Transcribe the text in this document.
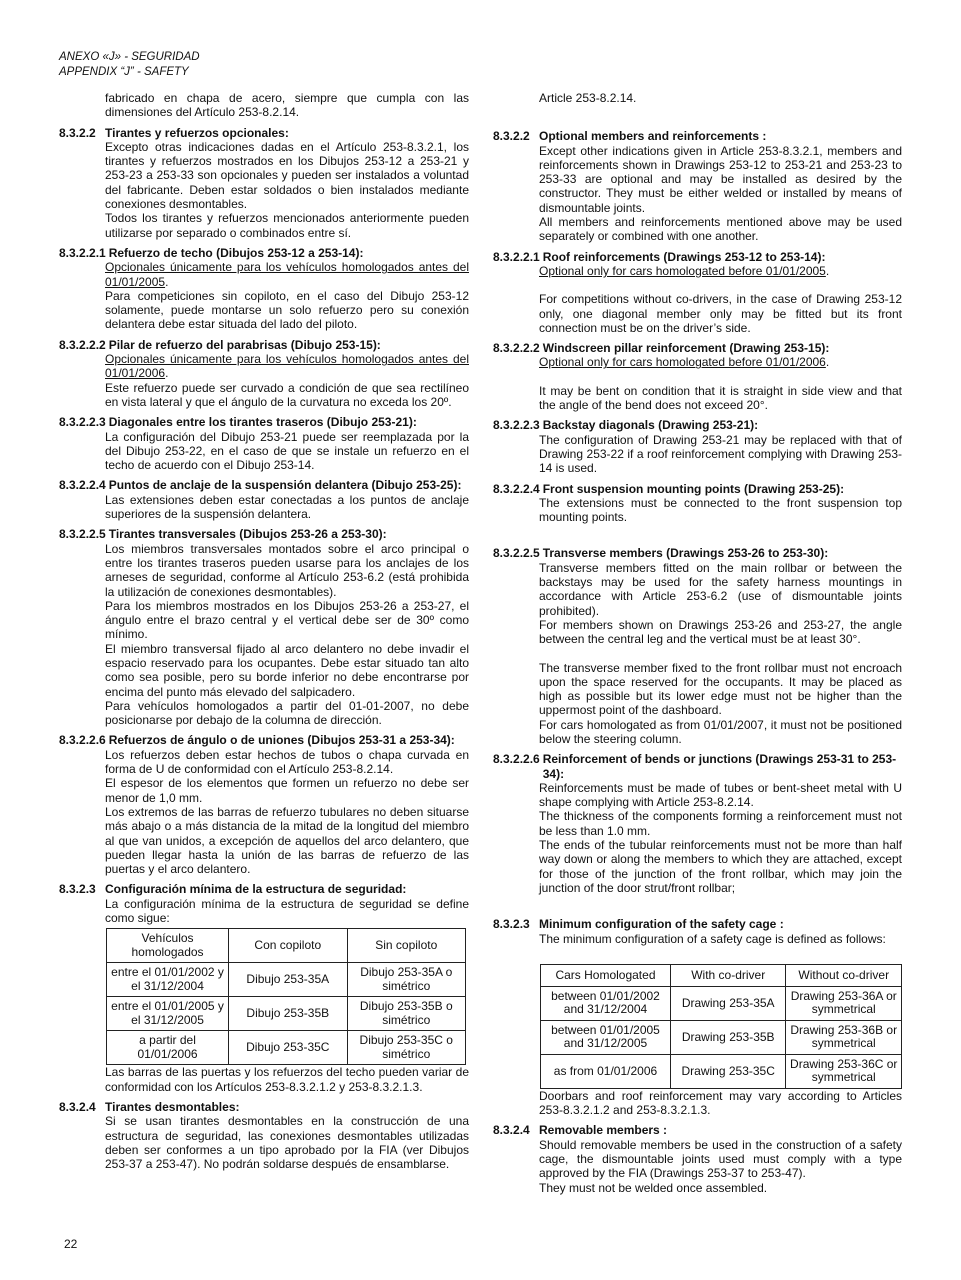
ANEXO «J» - SEGURIDAD
APPENDIX “J” - SAFETY
fabricado en chapa de acero, siempre que cumpla con las dimensiones del Artículo 253-8.2.14.
8.3.2.2 Tirantes y refuerzos opcionales:

Excepto otras indicaciones dadas en el Artículo 253-8.3.2.1, los tirantes y refuerzos mostrados en los Dibujos 253-12 a 253-21 y 253-23 a 253-33 son opcionales y pueden ser instalados a voluntad del fabricante. Deben estar soldados o bien instalados mediante conexiones desmontables.

Todos los tirantes y refuerzos mencionados anteriormente pueden utilizarse por separado o combinados entre sí.

8.3.2.2.1 Refuerzo de techo (Dibujos 253-12 a 253-14):

Opcionales únicamente para los vehículos homologados antes del 01/01/2005.

Para competiciones sin copiloto, en el caso del Dibujo 253-12 solamente, puede montarse un solo refuerzo pero su conexión delantera debe estar situada del lado del piloto.

8.3.2.2.2 Pilar de refuerzo del parabrisas (Dibujo 253-15):

Opcionales únicamente para los vehículos homologados antes del 01/01/2006.

Este refuerzo puede ser curvado a condición de que sea rectilíneo en vista lateral y que el ángulo de la curvatura no exceda los 20º.

8.3.2.2.3 Diagonales entre los tirantes traseros (Dibujo 253-21):

La configuración del Dibujo 253-21 puede ser reemplazada por la del Dibujo 253-22, en el caso de que se instale un refuerzo en el techo de acuerdo con el Dibujo 253-14.

8.3.2.2.4 Puntos de anclaje de la suspensión delantera (Dibujo 253-25):

Las extensiones deben estar conectadas a los puntos de anclaje superiores de la suspensión delantera.

8.3.2.2.5 Tirantes transversales (Dibujos 253-26 a 253-30):

Los miembros transversales montados sobre el arco principal o entre los tirantes traseros pueden usarse para los anclajes de los arneses de seguridad, conforme al Artículo 253-6.2 (está prohibida la utilización de conexiones desmontables).

Para los miembros mostrados en los Dibujos 253-26 a 253-27, el ángulo entre el brazo central y el vertical debe ser de 30º como mínimo.

El miembro transversal fijado al arco delantero no debe invadir el espacio reservado para los ocupantes. Debe estar situado tan alto como sea posible, pero su borde inferior no debe encontrarse por encima del punto más elevado del salpicadero.

Para vehículos homologados a partir del 01-01-2007, no debe posicionarse por debajo de la columna de dirección.

8.3.2.2.6 Refuerzos de ángulo o de uniones (Dibujos 253-31 a 253-34):

Los refuerzos deben estar hechos de tubos o chapa curvada en forma de U de conformidad con el Artículo 253-8.2.14.

El espesor de los elementos que formen un refuerzo no debe ser menor de 1,0 mm.

Los extremos de las barras de refuerzo tubulares no deben situarse más abajo o a más distancia de la mitad de la longitud del miembro al que van unidos, a excepción de aquellos del arco delantero, que pueden llegar hasta la unión de las barras de refuerzo de las puertas y el arco delantero.

8.3.2.3 Configuración mínima de la estructura de seguridad:

La configuración mínima de la estructura de seguridad se define como sigue:

Vehículos homologados	Con copiloto	Sin copiloto
entre el 01/01/2002 y el 31/12/2004	Dibujo 253-35A	Dibujo 253-35A o simétrico
entre el 01/01/2005 y el 31/12/2005	Dibujo 253-35B	Dibujo 253-35B o simétrico
a partir del 01/01/2006	Dibujo 253-35C	Dibujo 253-35C o simétrico

Las barras de las puertas y los refuerzos del techo pueden variar de conformidad con los Artículos 253-8.3.2.1.2 y 253-8.3.2.1.3.

8.3.2.4 Tirantes desmontables:

Si se usan tirantes desmontables en la construcción de una estructura de seguridad, las conexiones desmontables utilizadas deben ser conformes a un tipo aprobado por la FIA (ver Dibujos 253-37 a 253-47). No podrán soldarse después de ensamblarse.

Article 253-8.2.14.
8.3.2.2 Optional members and reinforcements :

Except other indications given in Article 253-8.3.2.1, members and reinforcements shown in Drawings 253-12 to 253-21 and 253-23 to 253-33 are optional and may be installed as desired by the constructor. They must be either welded or installed by means of dismountable joints.

All members and reinforcements mentioned above may be used separately or combined with one another.

8.3.2.2.1 Roof reinforcements (Drawings 253-12 to 253-14):

Optional only for cars homologated before 01/01/2005.

For competitions without co-drivers, in the case of Drawing 253-12 only, one diagonal member only may be fitted but its front connection must be on the driver’s side.

8.3.2.2.2 Windscreen pillar reinforcement (Drawing 253-15):

Optional only for cars homologated before 01/01/2006.

It may be bent on condition that it is straight in side view and that the angle of the bend does not exceed 20°.

8.3.2.2.3 Backstay diagonals (Drawing 253-21):

The configuration of Drawing 253-21 may be replaced with that of Drawing 253-22 if a roof reinforcement complying with Drawing 253-14 is used.

8.3.2.2.4 Front suspension mounting points (Drawing 253-25):

The extensions must be connected to the front suspension top mounting points.

8.3.2.2.5 Transverse members (Drawings 253-26 to 253-30):

Transverse members fitted on the main rollbar or between the backstays may be used for the safety harness mountings in accordance with Article 253-6.2 (use of dismountable joints prohibited).

For members shown on Drawings 253-26 and 253-27, the angle between the central leg and the vertical must be at least 30°.

The transverse member fixed to the front rollbar must not encroach upon the space reserved for the occupants. It may be placed as high as possible but its lower edge must not be higher than the uppermost point of the dashboard.

For cars homologated as from 01/01/2007, it must not be positioned below the steering column.

8.3.2.2.6 Reinforcement of bends or junctions (Drawings 253-31 to 253-34):

Reinforcements must be made of tubes or bent-sheet metal with U shape complying with Article 253-8.2.14.

The thickness of the components forming a reinforcement must not be less than 1.0 mm.

The ends of the tubular reinforcements must not be more than half way down or along the members to which they are attached, except for those of the junction of the front rollbar, which may join the junction of the door strut/front rollbar;

8.3.2.3 Minimum configuration of the safety cage :

The minimum configuration of a safety cage is defined as follows:

Cars Homologated	With co-driver	Without co-driver
between 01/01/2002 and 31/12/2004	Drawing 253-35A	Drawing 253-36A or symmetrical
between 01/01/2005 and 31/12/2005	Drawing 253-35B	Drawing 253-36B or symmetrical
as from 01/01/2006	Drawing 253-35C	Drawing 253-36C or symmetrical

Doorbars and roof reinforcement may vary according to Articles 253-8.3.2.1.2 and 253-8.3.2.1.3.

8.3.2.4 Removable members :

Should removable members be used in the construction of a safety cage, the dismountable joints used must comply with a type approved by the FIA (Drawings 253-37 to 253-47).

They must not be welded once assembled.

22
